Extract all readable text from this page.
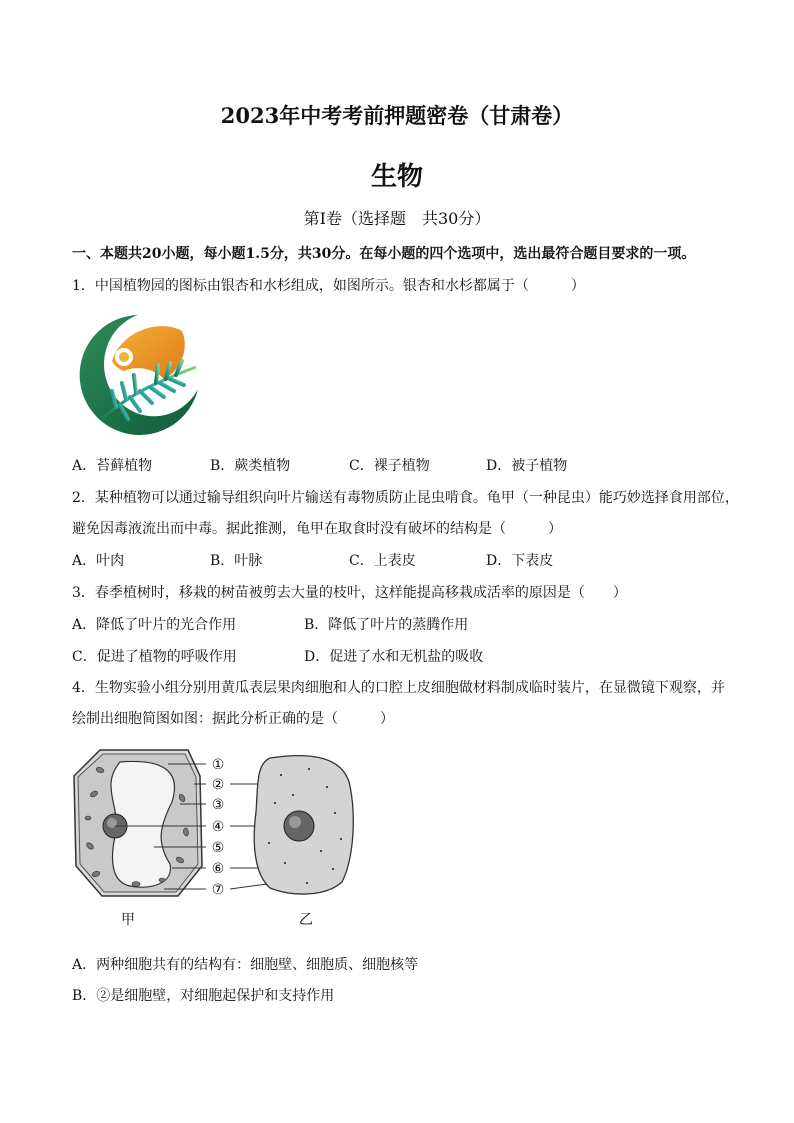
2023年中考考前押题密卷（甘肃卷）
生物
第Ⅰ卷（选择题　共30分）
一、本题共20小题，每小题1.5分，共30分。在每小题的四个选项中，选出最符合题目要求的一项。
1．中国植物园的图标由银杏和水杉组成，如图所示。银杏和水杉都属于（　　　）
A．苔藓植物	B．蕨类植物	C．裸子植物	D．被子植物
2．某种植物可以通过输导组织向叶片输送有毒物质防止昆虫啃食。龟甲（一种昆虫）能巧妙选择食用部位，
避免因毒液流出而中毒。据此推测，龟甲在取食时没有破坏的结构是（　　　）
A．叶肉	B．叶脉	C．上表皮	D．下表皮
3．春季植树时，移栽的树苗被剪去大量的枝叶，这样能提高移栽成活率的原因是（　　）
A．降低了叶片的光合作用	B．降低了叶片的蒸腾作用
C．促进了植物的呼吸作用	D．促进了水和无机盐的吸收
4．生物实验小组分别用黄瓜表层果肉细胞和人的口腔上皮细胞做材料制成临时装片，在显微镜下观察，并
绘制出细胞简图如图：据此分析正确的是（　　　）
①
②
③
④
⑤
⑥
⑦
甲	乙
A．两种细胞共有的结构有：细胞壁、细胞质、细胞核等
B．②是细胞壁，对细胞起保护和支持作用
